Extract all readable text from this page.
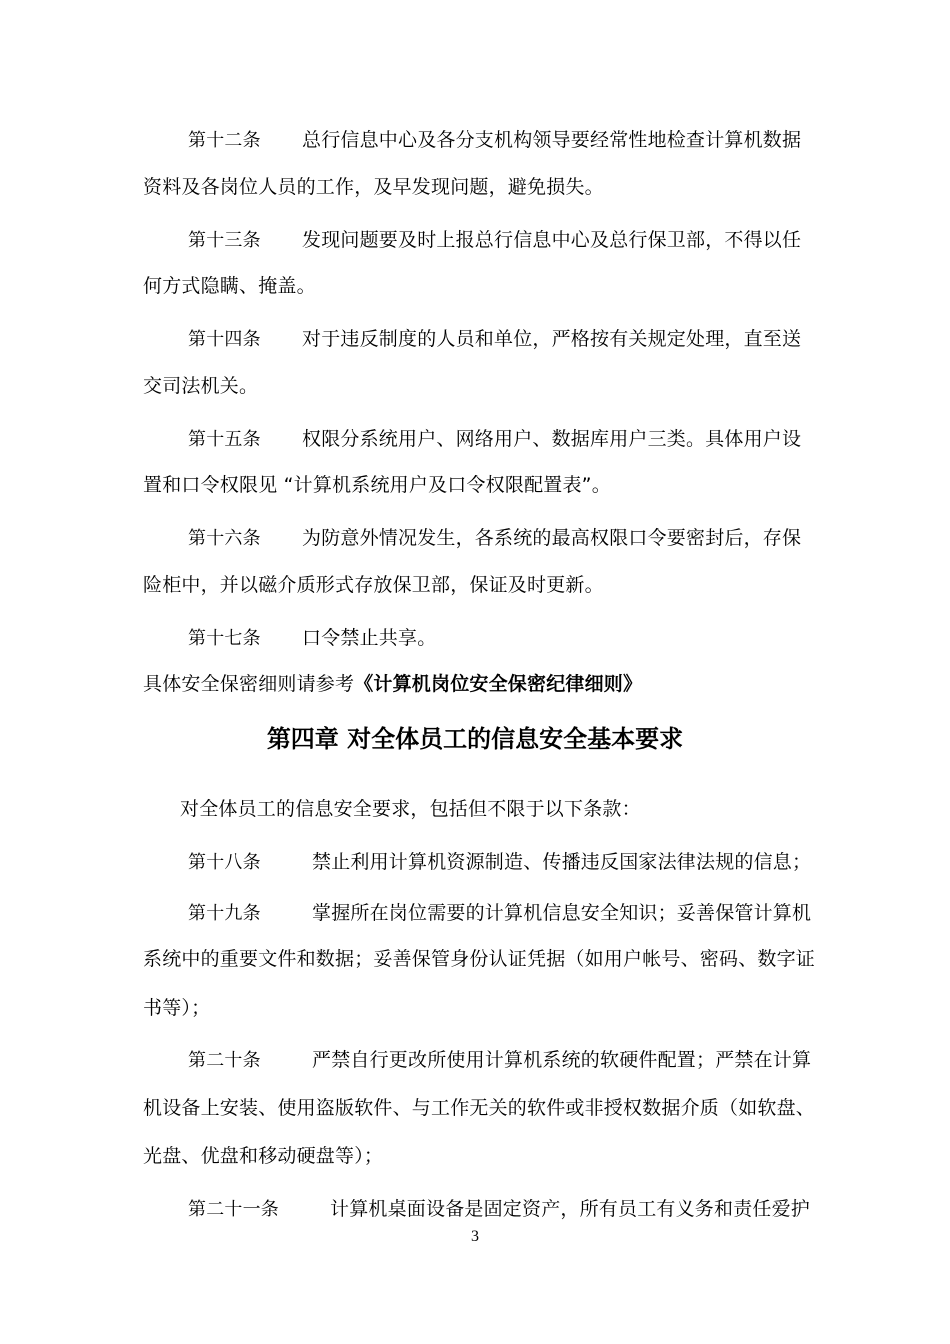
第十二条 总行信息中心及各分支机构领导要经常性地检查计算机数据
资料及各岗位人员的工作，及早发现问题，避免损失。
第十三条 发现问题要及时上报总行信息中心及总行保卫部，不得以任
何方式隐瞒、掩盖。
第十四条 对于违反制度的人员和单位，严格按有关规定处理，直至送
交司法机关。
第十五条 权限分系统用户、网络用户、数据库用户三类。具体用户设
置和口令权限见 “计算机系统用户及口令权限配置表”。
第十六条 为防意外情况发生，各系统的最高权限口令要密封后，存保
险柜中，并以磁介质形式存放保卫部，保证及时更新。
第十七条 口令禁止共享。
具体安全保密细则请参考《计算机岗位安全保密纪律细则》
第四章 对全体员工的信息安全基本要求
对全体员工的信息安全要求，包括但不限于以下条款：
第十八条	禁止利用计算机资源制造、传播违反国家法律法规的信息；
第十九条	掌握所在岗位需要的计算机信息安全知识；妥善保管计算机
系统中的重要文件和数据；妥善保管身份认证凭据（如用户帐号、密码、数字证
书等）；
第二十条	严禁自行更改所使用计算机系统的软硬件配置；严禁在计算
机设备上安装、使用盗版软件、与工作无关的软件或非授权数据介质（如软盘、
光盘、优盘和移动硬盘等）；
第二十一条	计算机桌面设备是固定资产，所有员工有义务和责任爱护
3
